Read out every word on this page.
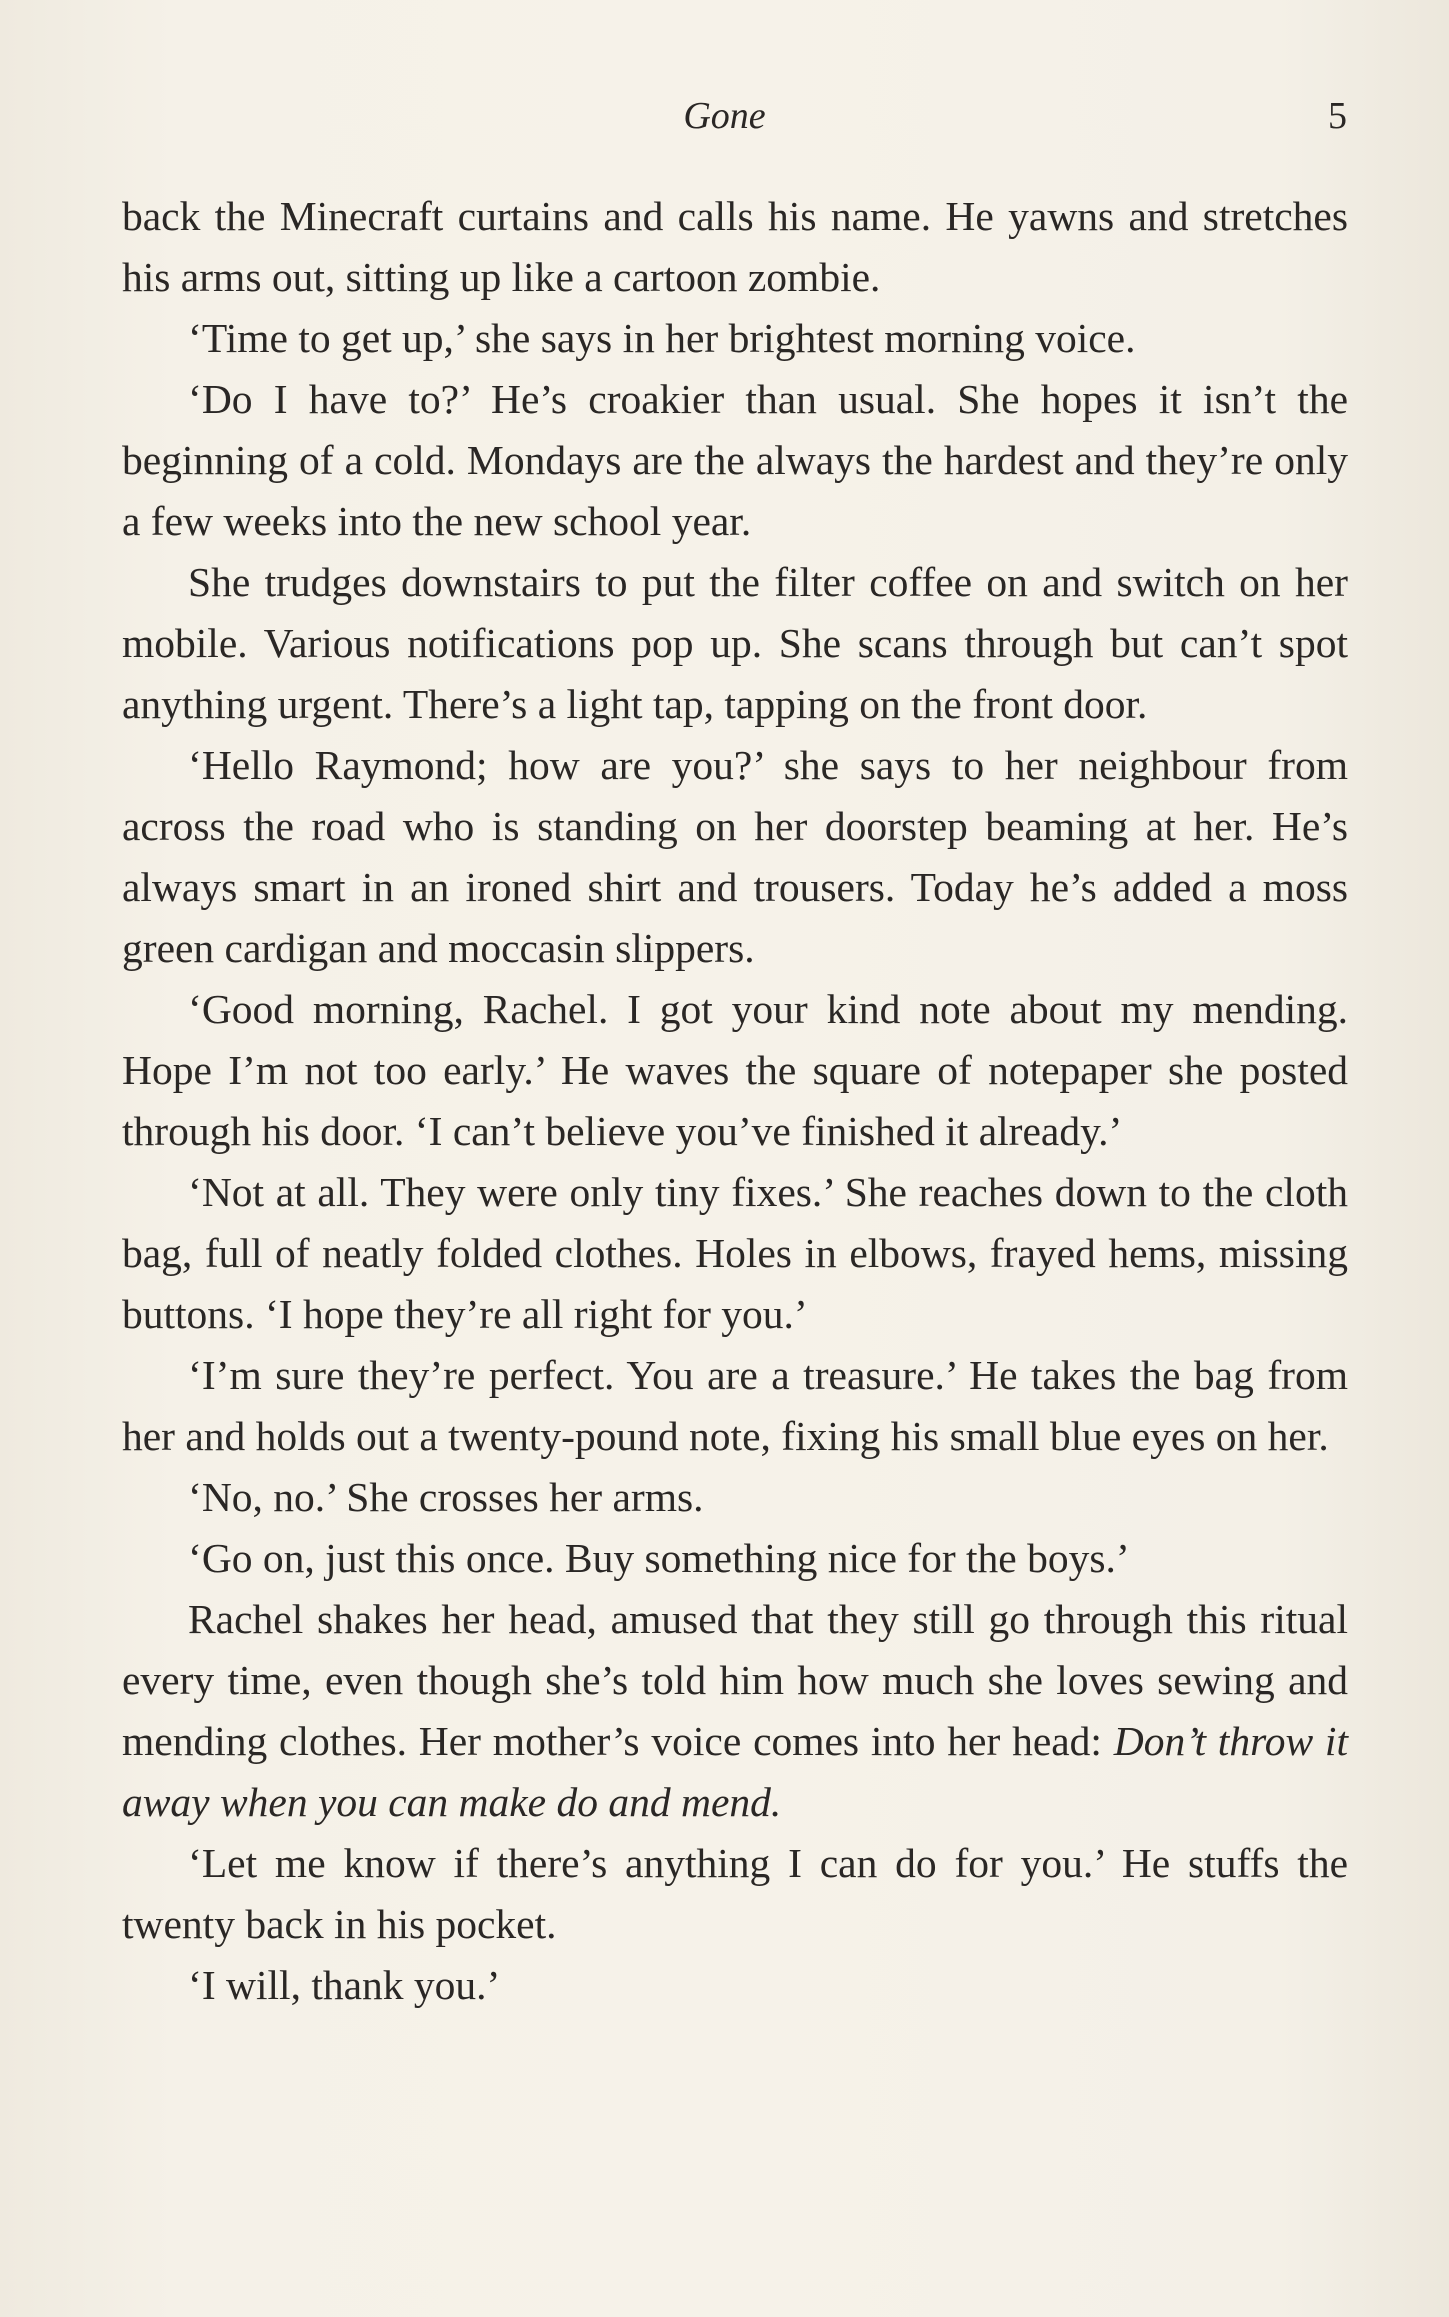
Gone	5

back the Minecraft curtains and calls his name. He yawns and stretches his arms out, sitting up like a cartoon zombie.

‘Time to get up,’ she says in her brightest morning voice.

‘Do I have to?’ He’s croakier than usual. She hopes it isn’t the beginning of a cold. Mondays are the always the hardest and they’re only a few weeks into the new school year.

She trudges downstairs to put the filter coffee on and switch on her mobile. Various notifications pop up. She scans through but can’t spot anything urgent. There’s a light tap, tapping on the front door.

‘Hello Raymond; how are you?’ she says to her neighbour from across the road who is standing on her doorstep beaming at her. He’s always smart in an ironed shirt and trousers. Today he’s added a moss green cardigan and moccasin slippers.

‘Good morning, Rachel. I got your kind note about my mending. Hope I’m not too early.’ He waves the square of notepaper she posted through his door. ‘I can’t believe you’ve finished it already.’

‘Not at all. They were only tiny fixes.’ She reaches down to the cloth bag, full of neatly folded clothes. Holes in elbows, frayed hems, missing buttons. ‘I hope they’re all right for you.’

‘I’m sure they’re perfect. You are a treasure.’ He takes the bag from her and holds out a twenty-pound note, fixing his small blue eyes on her.

‘No, no.’ She crosses her arms.

‘Go on, just this once. Buy something nice for the boys.’

Rachel shakes her head, amused that they still go through this ritual every time, even though she’s told him how much she loves sewing and mending clothes. Her mother’s voice comes into her head: Don’t throw it away when you can make do and mend.

‘Let me know if there’s anything I can do for you.’ He stuffs the twenty back in his pocket.

‘I will, thank you.’
